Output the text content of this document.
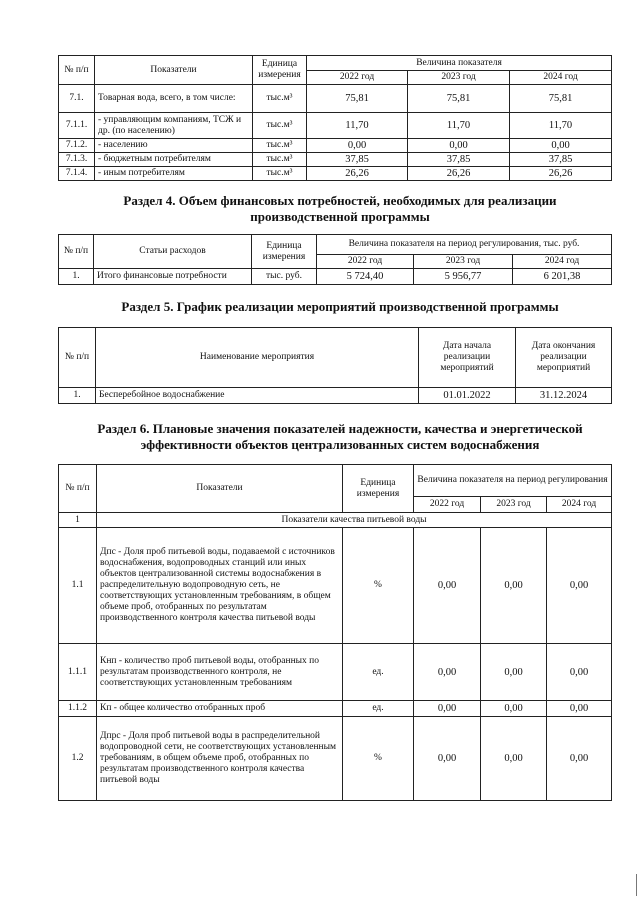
№ п/п	Показатели	Единица измерения	Величина показателя		
			2022 год	2023 год	2024 год
7.1.	Товарная вода, всего, в том числе:	тыс.м³	75,81	75,81	75,81
7.1.1.	- управляющим компаниям, ТСЖ и др. (по населению)	тыс.м³	11,70	11,70	11,70
7.1.2.	- населению	тыс.м³	0,00	0,00	0,00
7.1.3.	- бюджетным потребителям	тыс.м³	37,85	37,85	37,85
7.1.4.	- иным потребителям	тыс.м³	26,26	26,26	26,26
Раздел 4. Объем финансовых потребностей, необходимых для реализации производственной программы
№ п/п	Статьи расходов	Единица измерения	Величина показателя на период регулирования, тыс. руб.		
			2022 год	2023 год	2024 год
1.	Итого финансовые потребности	тыс. руб.	5 724,40	5 956,77	6 201,38
Раздел 5. График реализации мероприятий производственной программы
№ п/п	Наименование мероприятия	Дата начала реализации мероприятий	Дата окончания реализации мероприятий
1.	Бесперебойное водоснабжение	01.01.2022	31.12.2024
Раздел 6. Плановые значения показателей надежности, качества и энергетической эффективности объектов централизованных систем водоснабжения
№ п/п	Показатели	Единица измерения	Величина показателя на период регулирования		
			2022 год	2023 год	2024 год
1	Показатели качества питьевой воды				
1.1	Дпс - Доля проб питьевой воды, подаваемой с источников водоснабжения, водопроводных станций или иных объектов централизованной системы водоснабжения в распределительную водопроводную сеть, не соответствующих установленным требованиям, в общем объеме проб, отобранных по результатам производственного контроля качества питьевой воды	%	0,00	0,00	0,00
1.1.1	Кнп - количество проб питьевой воды, отобранных по результатам производственного контроля, не соответствующих установленным требованиям	ед.	0,00	0,00	0,00
1.1.2	Кп - общее количество отобранных проб	ед.	0,00	0,00	0,00
1.2	Дпрс - Доля проб питьевой воды в распределительной водопроводной сети, не соответствующих установленным требованиям, в общем объеме проб, отобранных по результатам производственного контроля качества питьевой воды	%	0,00	0,00	0,00
